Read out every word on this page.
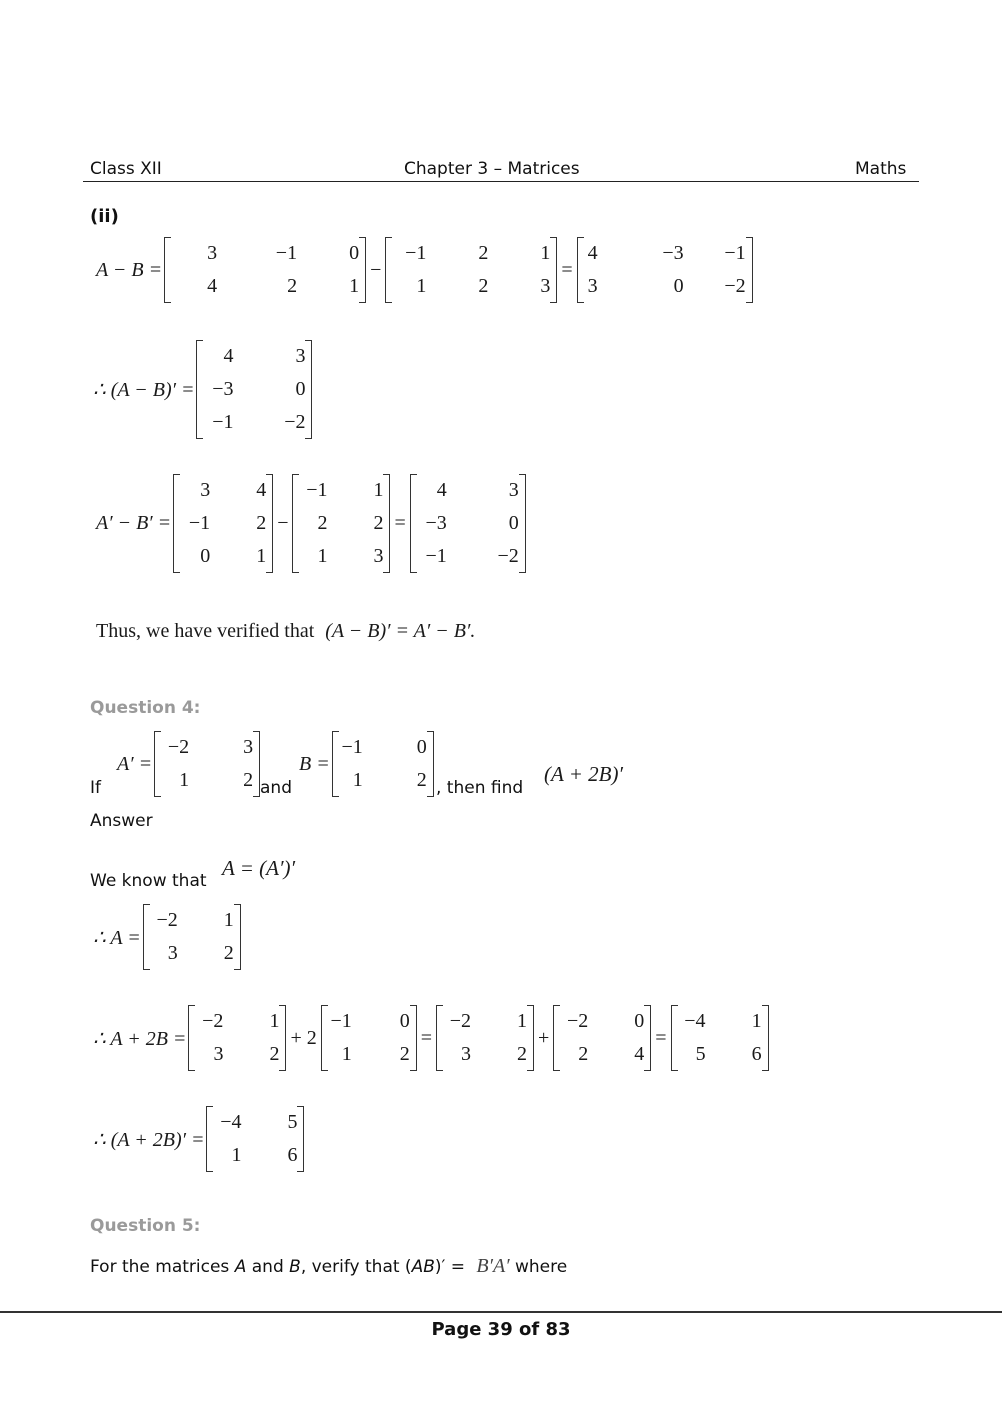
Class XII	Chapter 3 – Matrices	Maths
(ii)
A − B =
3	−1	0
4	2	1
−
−1	2	1
1	2	3
=
4	−3	−1
3	0	−2
∴ (A − B)′ =
4	3
−3	0
−1	−2
A′ − B′ =
3	4
−1	2
0	1
−
−1	1
2	2
1	3
=
4	3
−3	0
−1	−2
Thus, we have verified that (A − B)′ = A′ − B′.
Question 4:
If
A′ =
−2	3
1	2 and
B =
−1	0
1	2 , then find
(A + 2B)′
Answer
We know that
A = (A′)′
∴ A =
−2	1
3	2
∴ A + 2B =
−2	1
3	2
+ 2
−1	0
1	2
=
−2	1
3	2
+
−2	0
2	4
=
−4	1
5	6
∴ (A + 2B)′ =
−4	5
1	6
Question 5:
For the matrices A and B, verify that (AB)′ = B′A′ where
Page 39 of 83
